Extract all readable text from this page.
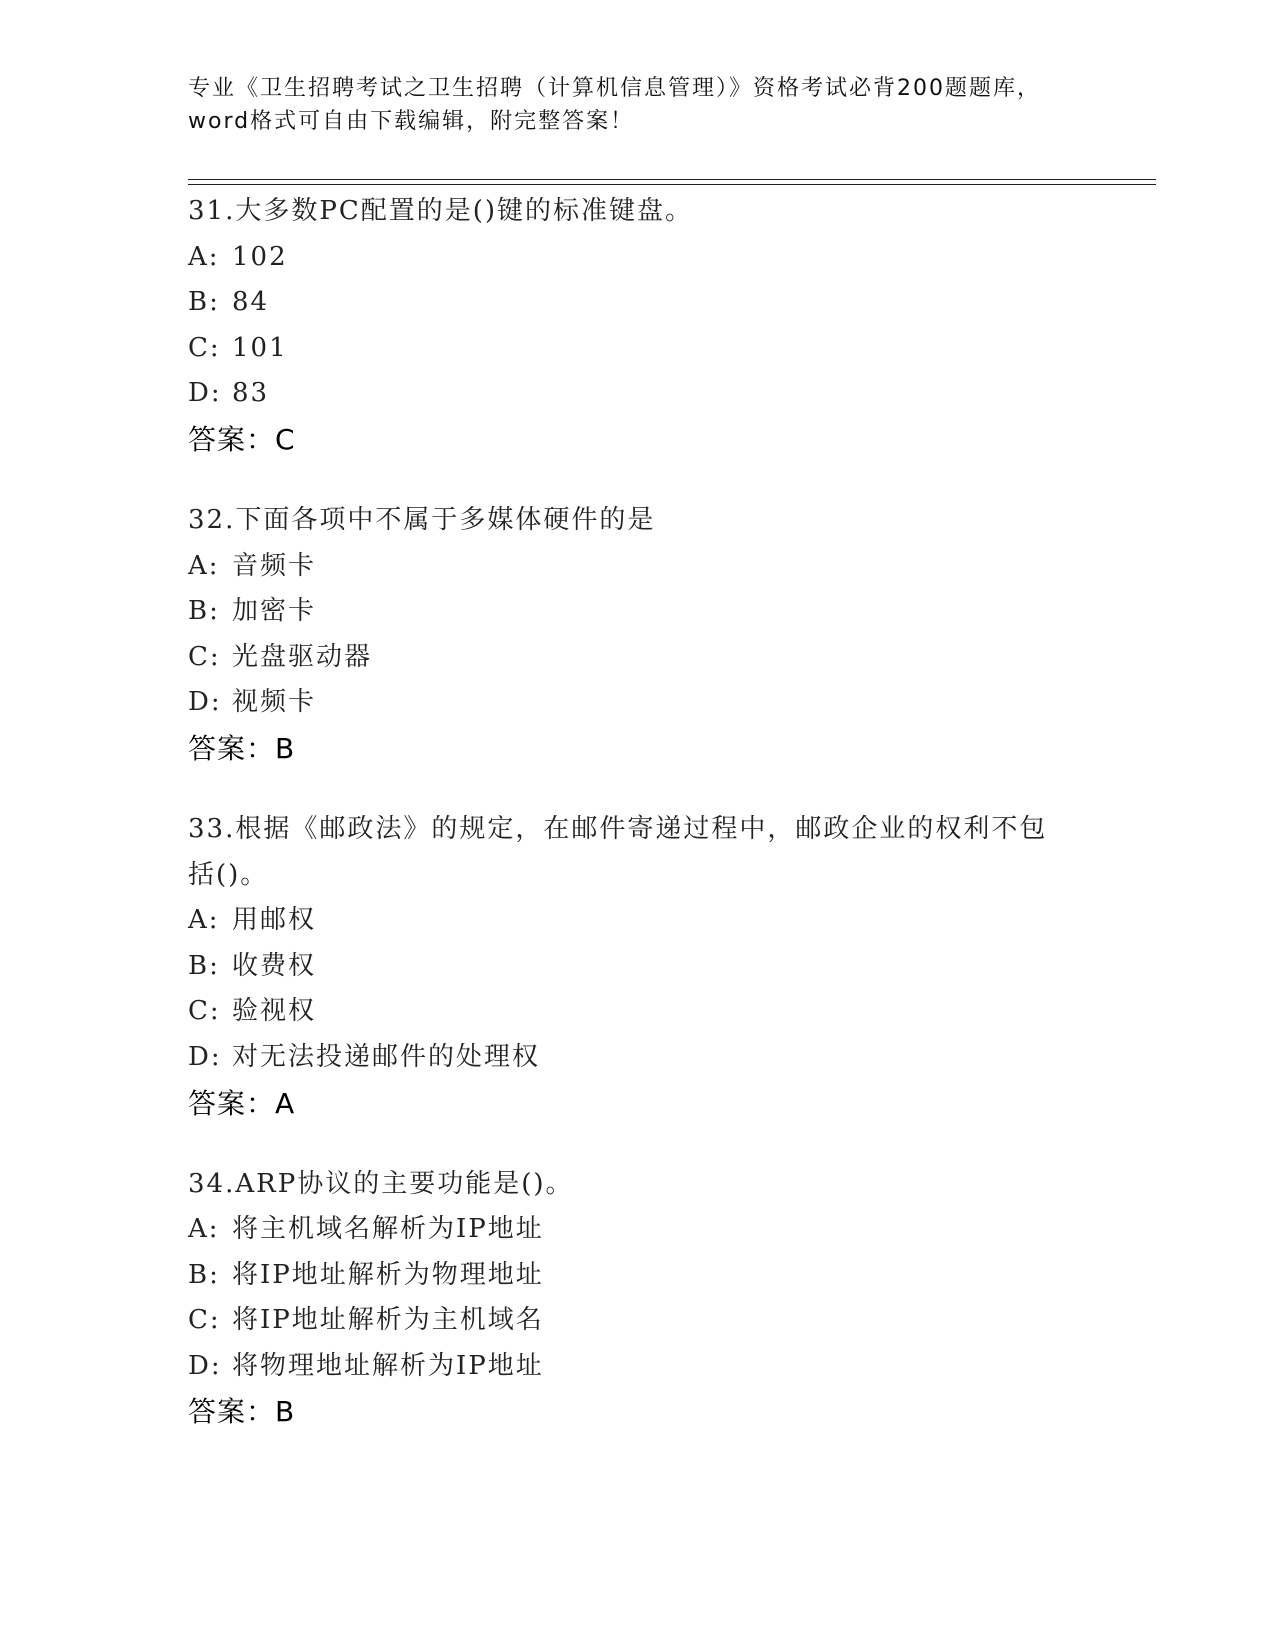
专业《卫生招聘考试之卫生招聘（计算机信息管理）》资格考试必背200题题库，
word格式可自由下载编辑，附完整答案！
31.大多数PC配置的是()键的标准键盘。
A: 102
B: 84
C: 101
D: 83
答案：C
32.下面各项中不属于多媒体硬件的是
A: 音频卡
B: 加密卡
C: 光盘驱动器
D: 视频卡
答案：B
33.根据《邮政法》的规定，在邮件寄递过程中，邮政企业的权利不包
括()。
A: 用邮权
B: 收费权
C: 验视权
D: 对无法投递邮件的处理权
答案：A
34.ARP协议的主要功能是()。
A: 将主机域名解析为IP地址
B: 将IP地址解析为物理地址
C: 将IP地址解析为主机域名
D: 将物理地址解析为IP地址
答案：B
